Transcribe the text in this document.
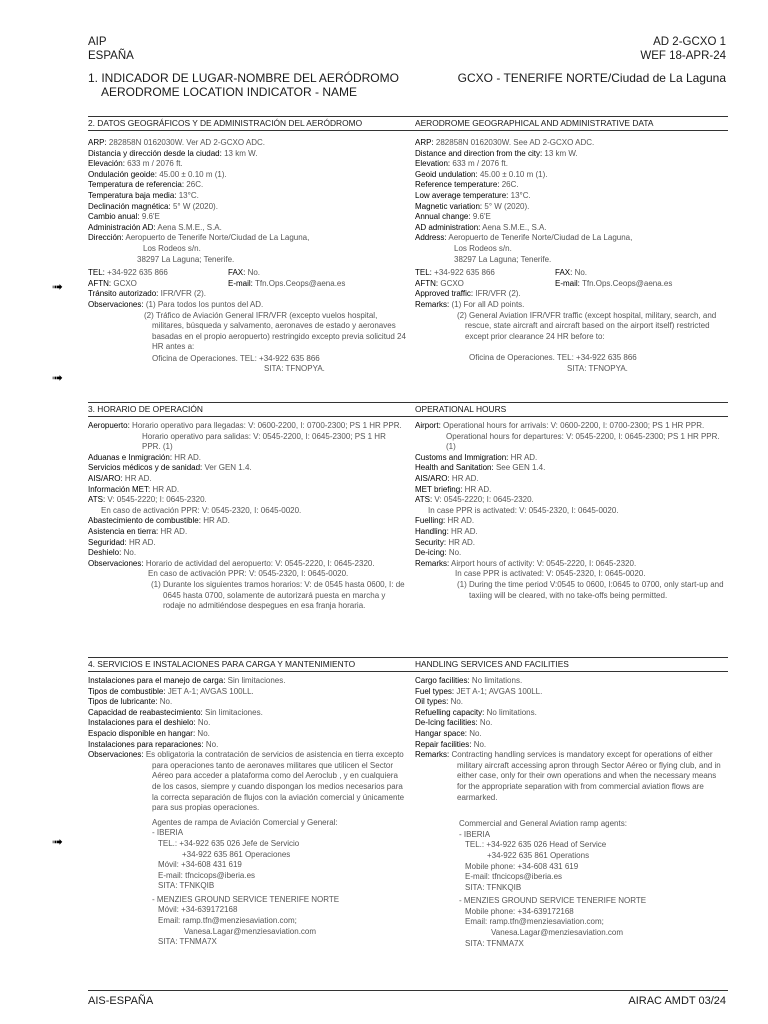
AIP
ESPAÑA
AD 2-GCXO 1
WEF 18-APR-24
1. INDICADOR DE LUGAR-NOMBRE DEL AERÓDROMO
AERODROME LOCATION INDICATOR - NAME
GCXO - TENERIFE NORTE/Ciudad de La Laguna
2. DATOS GEOGRÁFICOS Y DE ADMINISTRACIÓN DEL AERÓDROMO	AERODROME GEOGRAPHICAL AND ADMINISTRATIVE DATA

ARP: 282858N 0162030W. Ver AD 2-GCXO ADC.

Distancia y dirección desde la ciudad: 13 km W.

Elevación: 633 m / 2076 ft.

Ondulación geoide: 45.00 ± 0.10 m (1).

Temperatura de referencia: 26C.

Temperatura baja media: 13°C.

Declinación magnética: 5° W (2020).

Cambio anual: 9.6'E

Administración AD: Aena S.M.E., S.A.

Dirección: Aeropuerto de Tenerife Norte/Ciudad de La Laguna,

Los Rodeos s/n.

38297 La Laguna; Tenerife.

TEL: +34-922 635 866	FAX: No.
AFTN: GCXO	E-mail: Tfn.Ops.Ceops@aena.es

Tránsito autorizado: IFR/VFR (2).

Observaciones: (1) Para todos los puntos del AD.

(2) Tráfico de Aviación General IFR/VFR (excepto vuelos hospital, militares, búsqueda y salvamento, aeronaves de estado y aeronaves basadas en el propio aeropuerto) restringido excepto previa solicitud 24 HR antes a:

Oficina de Operaciones. TEL: +34-922 635 866

SITA: TFNOPYA.

ARP: 282858N 0162030W. See AD 2-GCXO ADC.

Distance and direction from the city: 13 km W.

Elevation: 633 m / 2076 ft.

Geoid undulation: 45.00 ± 0.10 m (1).

Reference temperature: 26C.

Low average temperature: 13°C.

Magnetic variation: 5° W (2020).

Annual change: 9.6'E

AD administration: Aena S.M.E., S.A.

Address: Aeropuerto de Tenerife Norte/Ciudad de La Laguna,

Los Rodeos s/n.

38297 La Laguna; Tenerife.

TEL: +34-922 635 866	FAX: No.
AFTN: GCXO	E-mail: Tfn.Ops.Ceops@aena.es

Approved traffic: IFR/VFR (2).

Remarks: (1) For all AD points.

(2) General Aviation IFR/VFR traffic (except hospital, military, search, and rescue, state aircraft and aircraft based on the airport itself) restricted except prior clearance 24 HR before to:

Oficina de Operaciones. TEL: +34-922 635 866

SITA: TFNOPYA.

3. HORARIO DE OPERACIÓN	OPERATIONAL HOURS

Aeropuerto: Horario operativo para llegadas: V: 0600-2200, I: 0700-2300; PS 1 HR PPR.

Horario operativo para salidas: V: 0545-2200, I: 0645-2300; PS 1 HR PPR. (1)

Aduanas e Inmigración: HR AD.

Servicios médicos y de sanidad: Ver GEN 1.4.

AIS/ARO: HR AD.

Información MET: HR AD.

ATS: V: 0545-2220; I: 0645-2320.

En caso de activación PPR: V: 0545-2320, I: 0645-0020.

Abastecimiento de combustible: HR AD.

Asistencia en tierra: HR AD.

Seguridad: HR AD.

Deshielo: No.

Observaciones: Horario de actividad del aeropuerto: V: 0545-2220, I: 0645-2320.

En caso de activación PPR: V: 0545-2320, I: 0645-0020.

(1) Durante los siguientes tramos horarios: V: de 0545 hasta 0600, I: de 0645 hasta 0700, solamente de autorizará puesta en marcha y rodaje no admitiéndose despegues en esa franja horaria.

Airport: Operational hours for arrivals: V: 0600-2200, I: 0700-2300; PS 1 HR PPR.

Operational hours for departures: V: 0545-2200, I: 0645-2300; PS 1 HR PPR. (1)

Customs and Immigration: HR AD.

Health and Sanitation: See GEN 1.4.

AIS/ARO: HR AD.

MET briefing: HR AD.

ATS: V: 0545-2220; I: 0645-2320.

In case PPR is activated: V: 0545-2320, I: 0645-0020.

Fuelling: HR AD.

Handling: HR AD.

Security: HR AD.

De-icing: No.

Remarks: Airport hours of activity: V: 0545-2220, I: 0645-2320.

In case PPR is activated: V: 0545-2320, I: 0645-0020.

(1) During the time period V:0545 to 0600, I:0645 to 0700, only start-up and taxiing will be cleared, with no take-offs being permitted.

4. SERVICIOS E INSTALACIONES PARA CARGA Y MANTENIMIENTO	HANDLING SERVICES AND FACILITIES

Instalaciones para el manejo de carga: Sin limitaciones.

Tipos de combustible: JET A-1; AVGAS 100LL.

Tipos de lubricante: No.

Capacidad de reabastecimiento: Sin limitaciones.

Instalaciones para el deshielo: No.

Espacio disponible en hangar: No.

Instalaciones para reparaciones: No.

Observaciones: Es obligatoria la contratación de servicios de asistencia en tierra excepto para operaciones tanto de aeronaves militares que utilicen el Sector Aéreo para acceder a plataforma como del Aeroclub , y en cualquiera de los casos, siempre y cuando dispongan los medios necesarios para la correcta separación de flujos con la aviación comercial y únicamente para sus propias operaciones.

Agentes de rampa de Aviación Comercial y General:

- IBERIA

TEL.: +34-922 635 026 Jefe de Servicio

+34-922 635 861 Operaciones

Móvil: +34-608 431 619

E-mail: tfncicops@iberia.es

SITA: TFNKQIB

- MENZIES GROUND SERVICE TENERIFE NORTE

Móvil: +34-639172168

Email: ramp.tfn@menziesaviation.com;

Vanesa.Lagar@menziesaviation.com

SITA: TFNMA7X

Cargo facilities: No limitations.

Fuel types: JET A-1; AVGAS 100LL.

Oil types: No.

Refuelling capacity: No limitations.

De-Icing facilities: No.

Hangar space: No.

Repair facilities: No.

Remarks: Contracting handling services is mandatory except for operations of either military aircraft accessing apron through Sector Aéreo or flying club, and in either case, only for their own operations and when the necessary means for the appropriate separation with from commercial aviation flows are earmarked.

Commercial and General Aviation ramp agents:

- IBERIA

TEL.: +34-922 635 026 Head of Service

+34-922 635 861 Operations

Mobile phone: +34-608 431 619

E-mail: tfncicops@iberia.es

SITA: TFNKQIB

- MENZIES GROUND SERVICE TENERIFE NORTE

Mobile phone: +34-639172168

Email: ramp.tfn@menziesaviation.com;

Vanesa.Lagar@menziesaviation.com

SITA: TFNMA7X

➟
➟
➟
AIS-ESPAÑA	AIRAC AMDT 03/24
